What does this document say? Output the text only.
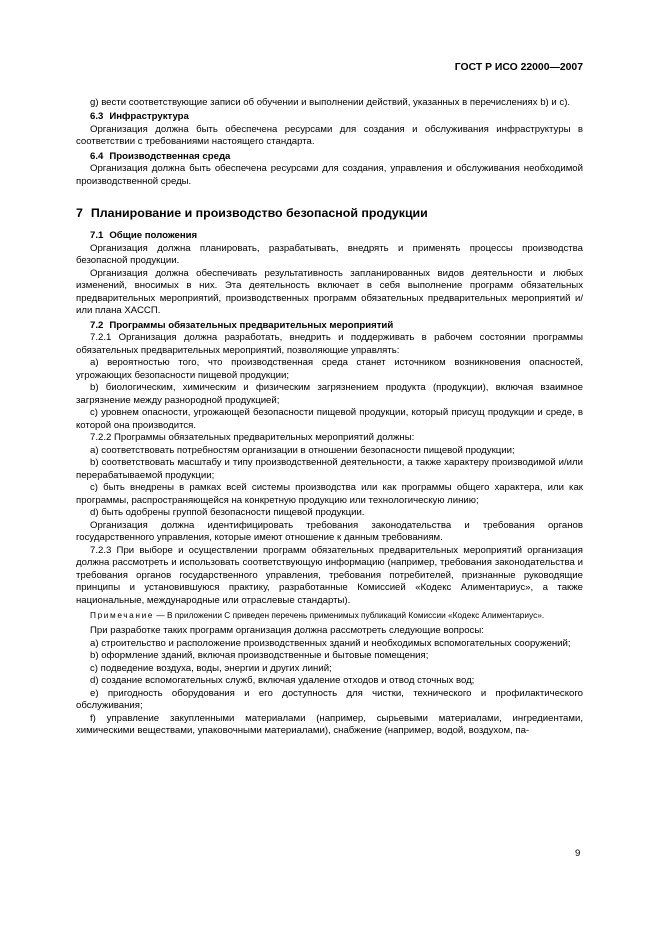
ГОСТ Р ИСО 22000—2007

g) вести соответствующие записи об обучении и выполнении действий, указанных в перечислениях b) и c).

6.3 Инфраструктура

Организация должна быть обеспечена ресурсами для создания и обслуживания инфраструктуры в соответствии с требованиями настоящего стандарта.

6.4 Производственная среда

Организация должна быть обеспечена ресурсами для создания, управления и обслуживания необходимой производственной среды.

7 Планирование и производство безопасной продукции

7.1 Общие положения

Организация должна планировать, разрабатывать, внедрять и применять процессы производства безопасной продукции.

Организация должна обеспечивать результативность запланированных видов деятельности и любых изменений, вносимых в них. Эта деятельность включает в себя выполнение программ обязательных предварительных мероприятий, производственных программ обязательных предварительных мероприятий и/или плана ХАССП.

7.2 Программы обязательных предварительных мероприятий

7.2.1 Организация должна разработать, внедрить и поддерживать в рабочем состоянии программы обязательных предварительных мероприятий, позволяющие управлять:

a) вероятностью того, что производственная среда станет источником возникновения опасностей, угрожающих безопасности пищевой продукции;

b) биологическим, химическим и физическим загрязнением продукта (продукции), включая взаимное загрязнение между разнородной продукцией;

c) уровнем опасности, угрожающей безопасности пищевой продукции, который присущ продукции и среде, в которой она производится.

7.2.2 Программы обязательных предварительных мероприятий должны:

a) соответствовать потребностям организации в отношении безопасности пищевой продукции;

b) соответствовать масштабу и типу производственной деятельности, а также характеру производимой и/или перерабатываемой продукции;

c) быть внедрены в рамках всей системы производства или как программы общего характера, или как программы, распространяющейся на конкретную продукцию или технологическую линию;

d) быть одобрены группой безопасности пищевой продукции.

Организация должна идентифицировать требования законодательства и требования органов государственного управления, которые имеют отношение к данным требованиям.

7.2.3 При выборе и осуществлении программ обязательных предварительных мероприятий организация должна рассмотреть и использовать соответствующую информацию (например, требования законодательства и требования органов государственного управления, требования потребителей, признанные руководящие принципы и установившуюся практику, разработанные Комиссией «Кодекс Алиментариус», а также национальные, международные или отраслевые стандарты).

Примечание — В приложении С приведен перечень применимых публикаций Комиссии «Кодекс Алиментариус».

При разработке таких программ организация должна рассмотреть следующие вопросы:

a) строительство и расположение производственных зданий и необходимых вспомогательных сооружений;

b) оформление зданий, включая производственные и бытовые помещения;

c) подведение воздуха, воды, энергии и других линий;

d) создание вспомогательных служб, включая удаление отходов и отвод сточных вод;

e) пригодность оборудования и его доступность для чистки, технического и профилактического обслуживания;

f) управление закупленными материалами (например, сырьевыми материалами, ингредиентами, химическими веществами, упаковочными материалами), снабжение (например, водой, воздухом, па-

9
